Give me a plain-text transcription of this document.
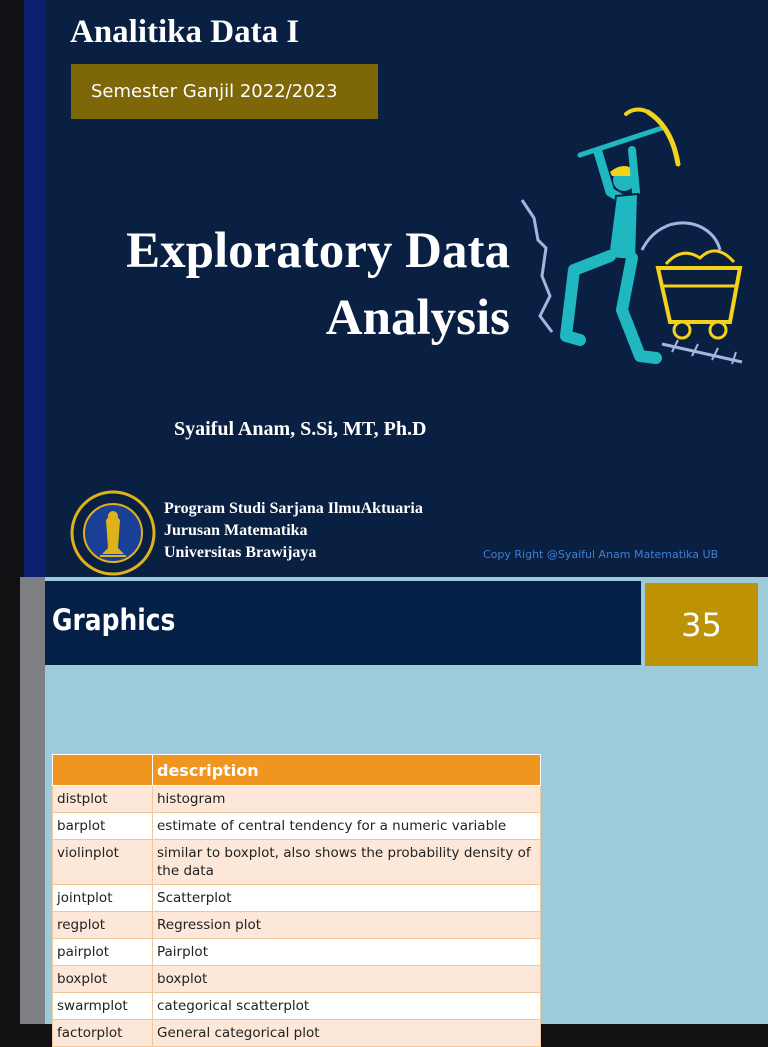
Analitika Data I
Semester Ganjil 2022/2023
Exploratory Data
Analysis
Syaiful Anam, S.Si, MT, Ph.D
Program Studi Sarjana IlmuAktuaria
Jurusan Matematika
Universitas Brawijaya	Copy Right @Syaiful Anam Matematika UB
Graphics	35
	description
distplot	histogram
barplot	estimate of central tendency for a numeric variable
violinplot	similar to boxplot, also shows the probability density of the data
jointplot	Scatterplot
regplot	Regression plot
pairplot	Pairplot
boxplot	boxplot
swarmplot	categorical scatterplot
factorplot	General categorical plot
